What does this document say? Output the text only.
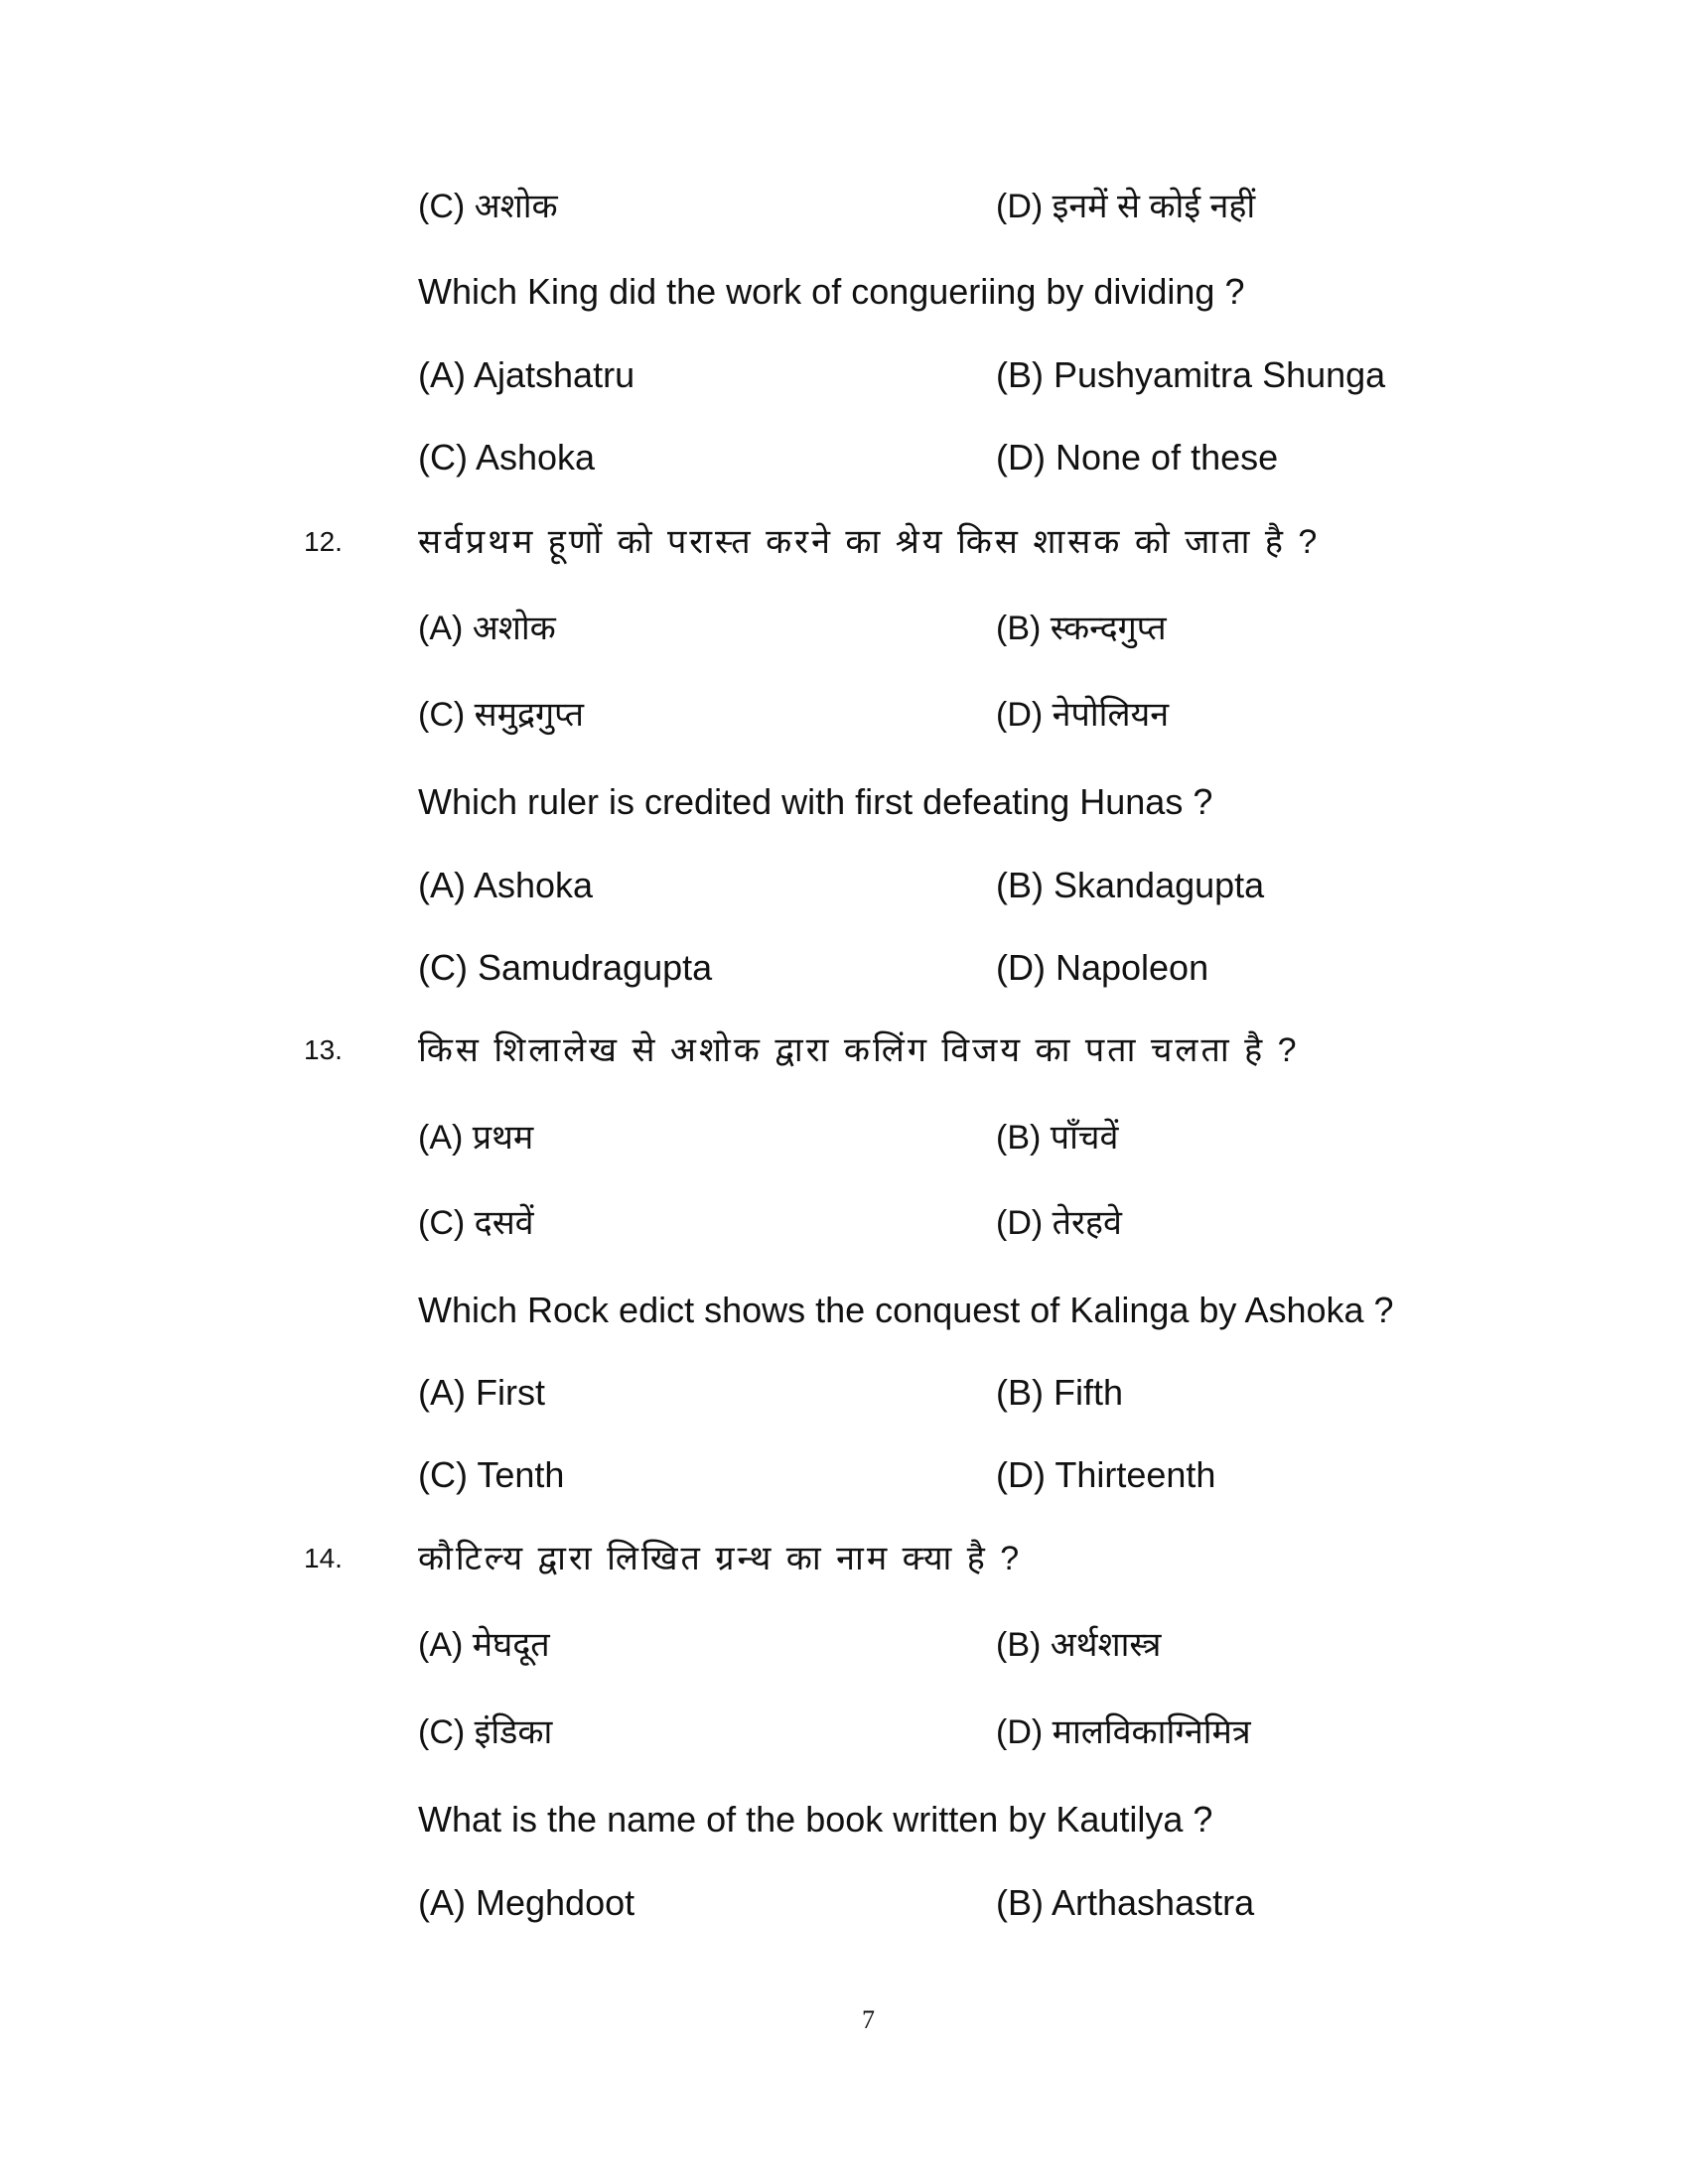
(C) अशोक	(D) इनमें से कोई नहीं
Which King did the work of congueriing by dividing ?
(A) Ajatshatru	(B) Pushyamitra Shunga
(C) Ashoka	(D) None of these
12. सर्वप्रथम हूणों को परास्त करने का श्रेय किस शासक को जाता है ?
(A) अशोक	(B) स्कन्दगुप्त
(C) समुद्रगुप्त	(D) नेपोलियन
Which ruler is credited with first defeating Hunas ?
(A) Ashoka	(B) Skandagupta
(C) Samudragupta	(D) Napoleon
13. किस शिलालेख से अशोक द्वारा कलिंग विजय का पता चलता है ?
(A) प्रथम	(B) पाँचवें
(C) दसवें	(D) तेरहवे
Which Rock edict shows the conquest of Kalinga by Ashoka ?
(A) First	(B) Fifth
(C) Tenth	(D) Thirteenth
14. कौटिल्य द्वारा लिखित ग्रन्थ का नाम क्या है ?
(A) मेघदूत	(B) अर्थशास्त्र
(C) इंडिका	(D) मालविकाग्निमित्र
What is the name of the book written by Kautilya ?
(A) Meghdoot	(B) Arthashastra
7
